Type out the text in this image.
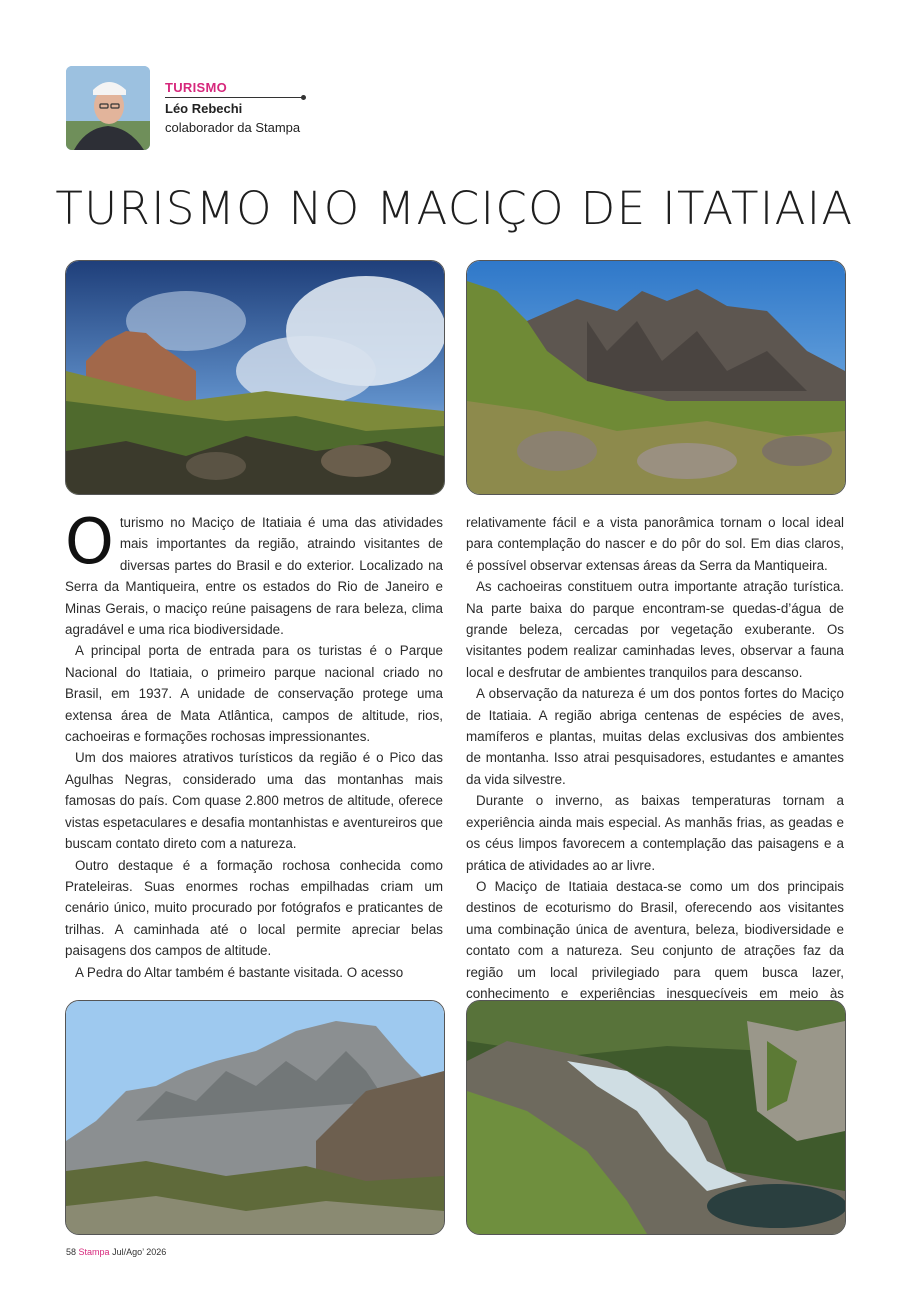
TURISMO
Léo Rebechi
colaborador da Stampa
TURISMO NO MACIÇO DE ITATIAIA

O turismo no Maciço de Itatiaia é uma das atividades mais importantes da região, atraindo visitantes de diversas partes do Brasil e do exterior. Localizado na Serra da Mantiqueira, entre os estados do Rio de Janeiro e Minas Gerais, o maciço reúne paisagens de rara beleza, clima agradável e uma rica biodiversidade.

A principal porta de entrada para os turistas é o Parque Nacional do Itatiaia, o primeiro parque nacional criado no Brasil, em 1937. A unidade de conservação protege uma extensa área de Mata Atlântica, campos de altitude, rios, cachoeiras e formações rochosas impressionantes.

Um dos maiores atrativos turísticos da região é o Pico das Agulhas Negras, considerado uma das montanhas mais famosas do país. Com quase 2.800 metros de altitude, oferece vistas espetaculares e desafia montanhistas e aventureiros que buscam contato direto com a natureza.

Outro destaque é a formação rochosa conhecida como Prateleiras. Suas enormes rochas empilhadas criam um cenário único, muito procurado por fotógrafos e praticantes de trilhas. A caminhada até o local permite apreciar belas paisagens dos campos de altitude.

A Pedra do Altar também é bastante visitada. O acesso

relativamente fácil e a vista panorâmica tornam o local ideal para contemplação do nascer e do pôr do sol. Em dias claros, é possível observar extensas áreas da Serra da Mantiqueira.

As cachoeiras constituem outra importante atração turística. Na parte baixa do parque encontram-se quedas-d’água de grande beleza, cercadas por vegetação exuberante. Os visitantes podem realizar caminhadas leves, observar a fauna local e desfrutar de ambientes tranquilos para descanso.

A observação da natureza é um dos pontos fortes do Maciço de Itatiaia. A região abriga centenas de espécies de aves, mamíferos e plantas, muitas delas exclusivas dos ambientes de montanha. Isso atrai pesquisadores, estudantes e amantes da vida silvestre.

Durante o inverno, as baixas temperaturas tornam a experiência ainda mais especial. As manhãs frias, as geadas e os céus limpos favorecem a contemplação das paisagens e a prática de atividades ao ar livre.

O Maciço de Itatiaia destaca-se como um dos principais destinos de ecoturismo do Brasil, oferecendo aos visitantes uma combinação única de aventura, beleza, biodiversidade e contato com a natureza. Seu conjunto de atrações faz da região um local privilegiado para quem busca lazer, conhecimento e experiências inesquecíveis em meio às

58 Stampa Jul/Ago’ 2026
